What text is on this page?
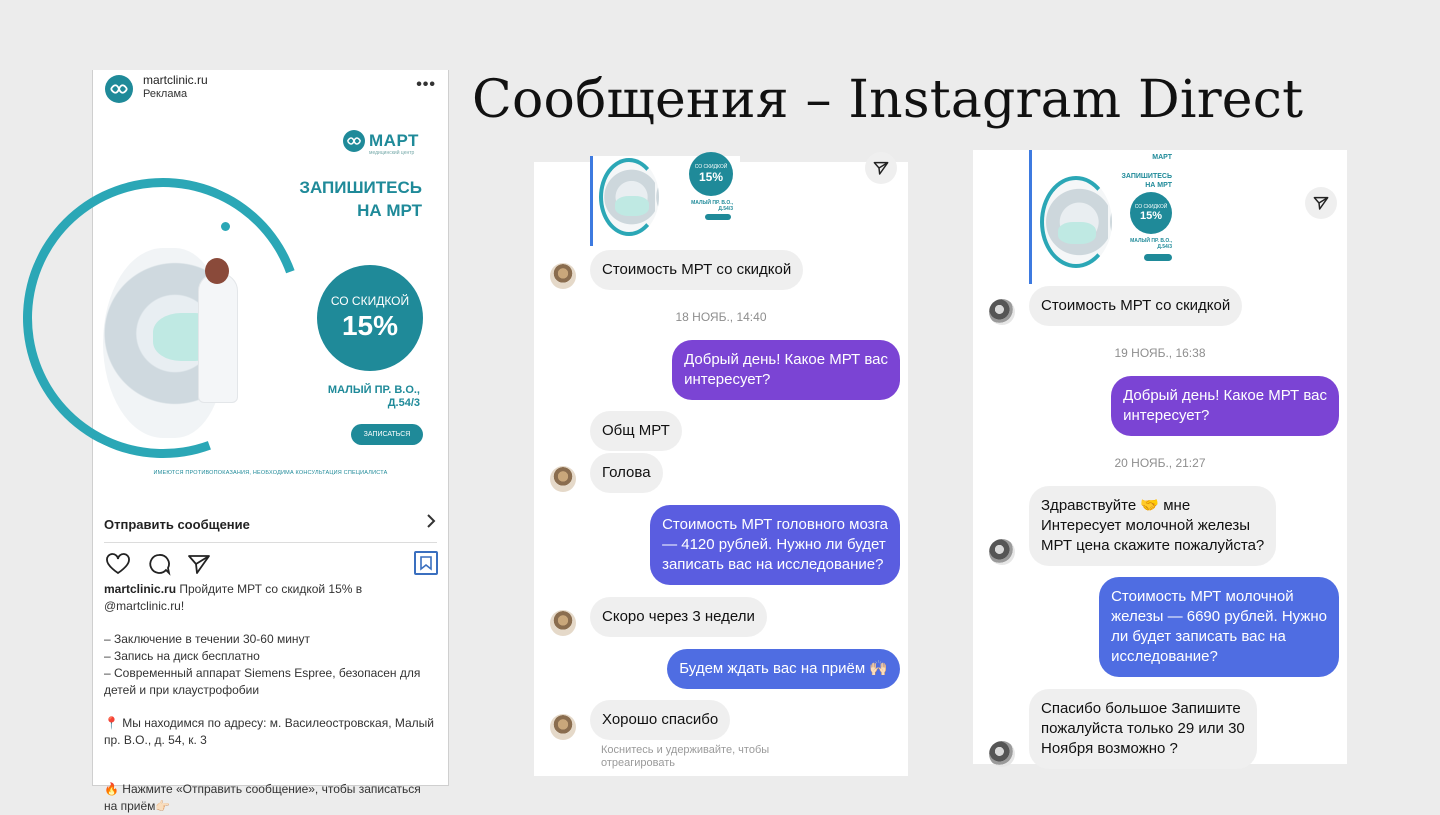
Сообщения – Instagram Direct
martclinic.ru
Реклама
•••
МАРТ
медицинский центр
ЗАПИШИТЕСЬ
НА МРТ
СО СКИДКОЙ
15%
МАЛЫЙ ПР. В.О.,
Д.54/3
ЗАПИСАТЬСЯ
ИМЕЮТСЯ ПРОТИВОПОКАЗАНИЯ, НЕОБХОДИМА КОНСУЛЬТАЦИЯ СПЕЦИАЛИСТА
Отправить сообщение

martclinic.ru Пройдите МРТ со скидкой 15% в @martclinic.ru!

– Заключение в течении 30-60 минут

– Запись на диск бесплатно

– Современный аппарат Siemens Espree, безопасен для детей и при клаустрофобии

📍 Мы находимся по адресу: м. Василеостровская, Малый пр. В.О., д. 54, к. 3

🔥 Нажмите «Отправить сообщение», чтобы записаться на приём👉🏻

СО СКИДКОЙ
15%
МАЛЫЙ ПР. В.О.,
Д.54/3
Стоимость МРТ со скидкой
18 НОЯБ., 14:40
Добрый день! Какое МРТ вас
интересует?
Общ МРТ
Голова
Стоимость МРТ головного мозга
— 4120 рублей. Нужно ли будет
записать вас на исследование?
Скоро через 3 недели
Будем ждать вас на приём 🙌🏻
Хорошо спасибо
Коснитесь и удерживайте, чтобы
отреагировать
МАРТ
ЗАПИШИТЕСЬ
НА МРТ
СО СКИДКОЙ
15%
МАЛЫЙ ПР. В.О.,
Д.54/3
Стоимость МРТ со скидкой
19 НОЯБ., 16:38
Добрый день! Какое МРТ вас
интересует?
20 НОЯБ., 21:27
Здравствуйте 🤝 мне
Интересует молочной железы
МРТ цена скажите пожалуйста?
Стоимость МРТ молочной
железы — 6690 рублей. Нужно
ли будет записать вас на
исследование?
Спасибо большое Запишите
пожалуйста только 29 или 30
Ноября возможно ?
